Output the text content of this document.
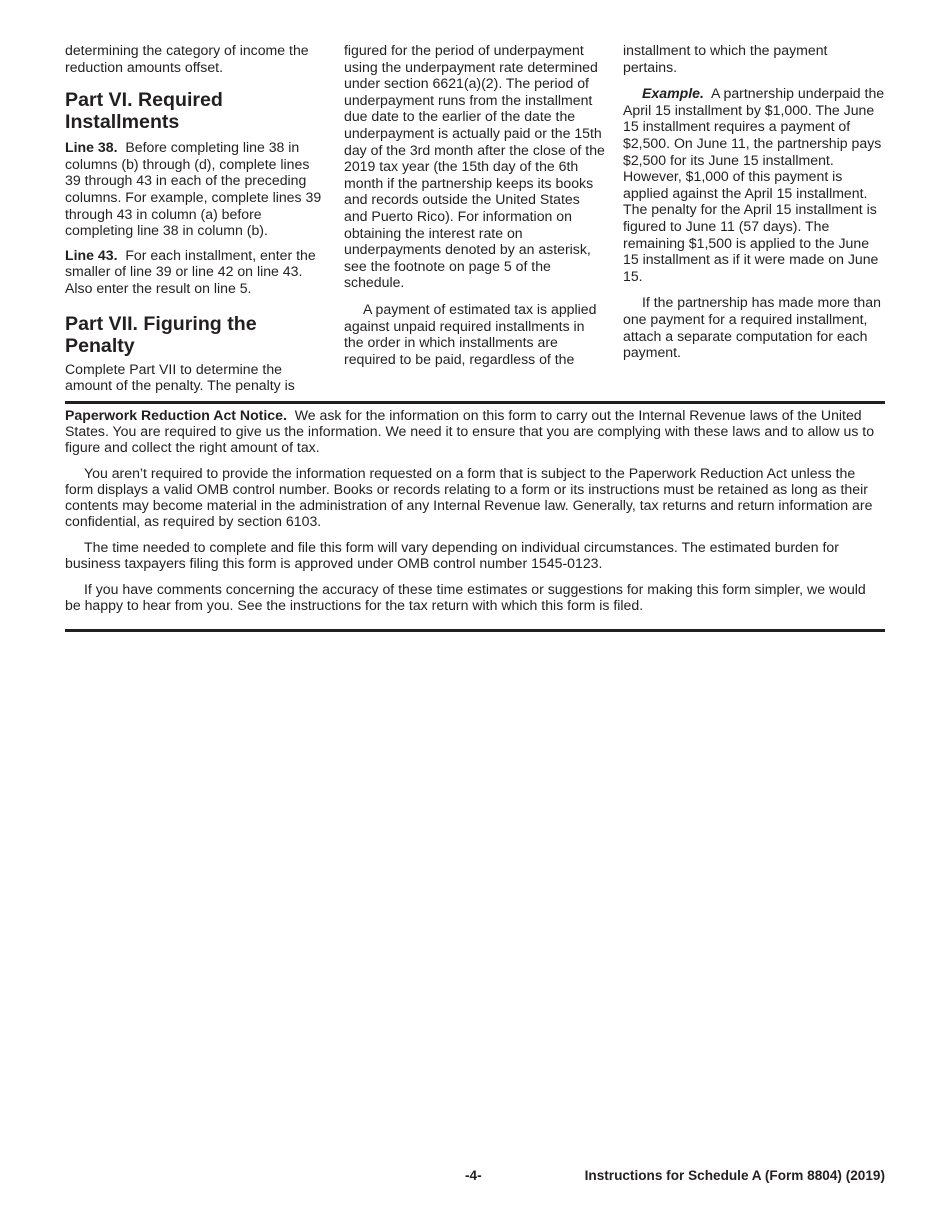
determining the category of income the reduction amounts offset.

Part VI. Required Installments

Line 38. Before completing line 38 in columns (b) through (d), complete lines 39 through 43 in each of the preceding columns. For example, complete lines 39 through 43 in column (a) before completing line 38 in column (b).

Line 43. For each installment, enter the smaller of line 39 or line 42 on line 43. Also enter the result on line 5.

Part VII. Figuring the Penalty

Complete Part VII to determine the amount of the penalty. The penalty is

figured for the period of underpayment using the underpayment rate determined under section 6621(a)(2). The period of underpayment runs from the installment due date to the earlier of the date the underpayment is actually paid or the 15th day of the 3rd month after the close of the 2019 tax year (the 15th day of the 6th month if the partnership keeps its books and records outside the United States and Puerto Rico). For information on obtaining the interest rate on underpayments denoted by an asterisk, see the footnote on page 5 of the schedule.

A payment of estimated tax is applied against unpaid required installments in the order in which installments are required to be paid, regardless of the

installment to which the payment pertains.

Example. A partnership underpaid the April 15 installment by $1,000. The June 15 installment requires a payment of $2,500. On June 11, the partnership pays $2,500 for its June 15 installment. However, $1,000 of this payment is applied against the April 15 installment. The penalty for the April 15 installment is figured to June 11 (57 days). The remaining $1,500 is applied to the June 15 installment as if it were made on June 15.

If the partnership has made more than one payment for a required installment, attach a separate computation for each payment.

Paperwork Reduction Act Notice. We ask for the information on this form to carry out the Internal Revenue laws of the United States. You are required to give us the information. We need it to ensure that you are complying with these laws and to allow us to figure and collect the right amount of tax.

You aren’t required to provide the information requested on a form that is subject to the Paperwork Reduction Act unless the form displays a valid OMB control number. Books or records relating to a form or its instructions must be retained as long as their contents may become material in the administration of any Internal Revenue law. Generally, tax returns and return information are confidential, as required by section 6103.

The time needed to complete and file this form will vary depending on individual circumstances. The estimated burden for business taxpayers filing this form is approved under OMB control number 1545-0123.

If you have comments concerning the accuracy of these time estimates or suggestions for making this form simpler, we would be happy to hear from you. See the instructions for the tax return with which this form is filed.

-4-	Instructions for Schedule A (Form 8804) (2019)
